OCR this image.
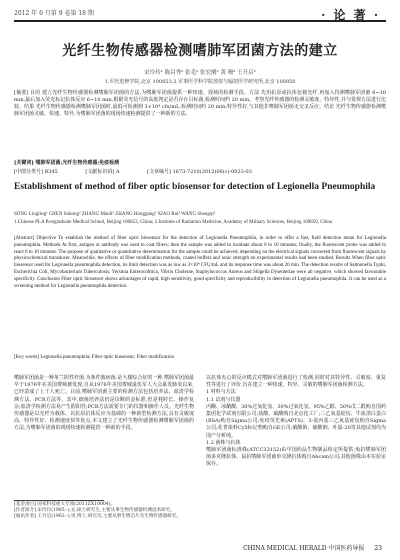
2012 年 6 月第 9 卷第 18 期	· 论 著 ·
光纤生物传感器检测嗜肺军团菌方法的建立
宋玲玲¹ 陈昌秀² 张毛² 张宏刚² 黄 珊² 王升启²
1.军医进修学院,北京 100853;2.军事医学科学院放射与辐射医学研究所,北京 100850
[摘要] 目的 建立光纤生物传感器检测嗜肺军团菌的方法,为嗜肺军团菌提供一种快速、现场的检测手段。方法 先用抗原或抗体包被光纤,再加入待测嗜肺军团菌 6~10 min,最后加入荧光标记抗体反应 6~10 min,根据荧光信号的高低判定是否存在目标菌,检测时间约 20 min。考察光纤传感器的检测灵敏度、特异性,并与常规方法进行比较。结果 光纤生物传感器检测嗜肺军团菌时,最低可检测到 3×10⁴ cfu/mL,检测时间约 20 min;特异性好,与其他非嗜肺军团菌无交叉反应。结论 光纤生物传感器检测嗜肺军团菌灵敏、快速、特异,为嗜肺军团菌的现场快速检测提供了一种新的方法。
[关键词] 嗜肺军团菌;光纤生物传感器;免疫检测
[中图分类号] R345	[文献标识码] A	[文章编号] 1673-7210(2012)06(c)-0023-03
Establishment of method of fiber optic biosensor for detection of Legionella Pneumophila
SONG Lingling¹ CHEN Suhong² ZHANG Maoli² ZHANG Honggang² XIAO Rui² WANG Shengqi²
1.Chinese PLA Postgraduate Medical School, Beijing 100853, China; 2.Institute of Radiation Medicine, Academy of Military Sciences, Beijing 100850, China
[Abstract] Objective To establish the method of fiber optic biosensor for the detection of Legionella Pneumophila, in order to offer a fast, field detection mean for Legionella pneumophila. Methods At first, antigen or antibody was used to coat fibers; then the sample was added to incubate about 6 to 10 minutes; finally, the fluorescent probe was added to react 6 to 10 minutes. The purpose of qualitative or quantitative determination for the sample could be achieved, depending on the electrical signals converted from fluorescent signals by physicochemical transducer. Meanwhile, the effects of fiber modification methods, coated buffers and ionic strength on experimental results had been studied. Results When fiber optic biosensor used for Legionella pneumophila detection, its limit detection was as low as 3×10⁴ CFU/mL and its response time was about 20 min. The detection results of Salmonella Typhi, Escherichia Coli, Mycobacterium Tuberculosis, Yersinia Enterocolitica, Vibrio Cholerae, Staphylococcus Aureus and Shigella Dysenteriae were all negative, which showed favourable specificity. Conclusion Fiber optic biosensor shows advantages of rapid, high sensitivity, good specificity and reproducibility in detection of Legionella pneumophila. It can be used as a screening method for Legionella pneumophila detection.
[Key words] Legionella pneumophila; Fiber optic biosensor; Fiber modification
嗜肺军团菌是一种革兰阴性杆菌,为条件致病菌,是大楼综合征的一种,嗜肺军团菌最早于1976年在美国费城被发现,自从1976年美国费城退伍军人大会暴发肺炎以来,已经造成了上千人死亡。目前,嗜肺军团菌主要的检测方法包括培养法、血清学检测方法、PCR方法等。其中,细菌培养法仍是诊断的金标准,但是耗时长、操作复杂;血清学检测方法易产生假阳性;PCR方法需要专门的仪器和操作人员。光纤生物传感器是以光纤为载体、以抗原抗体反应为基础的一种新型检测方法,具有灵敏度高、特异性好、检测速度快等优点,本文建立了光纤生物传感器检测嗜肺军团菌的方法,为嗜肺军团菌的现场快速检测提供一种新的手段。
[基金项目] 国家科技重大专项(2011ZX10004)。
[作者简介] 宋玲玲(1985.-),女,硕士研究生,主要从事生物传感器检测技术研究。
[通讯作者] 王升启(1962.-),男,博士,研究员,主要从事生物芯片及生物传感器研究。
以抗体夹心的反应模式对嗜肺军团菌进行了检测,同时对其特异性、灵敏度、重复性等进行了评价,旨在建立一种快速、特异、灵敏的嗜肺军团菌检测方法。
1 材料与方法
1.1 试剂与仪器
丙酮、冰醋酸、30%过氧化氢、30%过氧化氢、95%乙醇、50%戊二醛购自国药集团化学试剂有限公司;盐酸、硫酸购自北京化工厂;三乙氧基硅烷、牛血清白蛋白(BSA)购自Sigma公司;免疫荧光素(APTS)、3-氨丙基三乙氧基硅烷购自Sigma公司;花菁染料Cy5标记物购自GE公司;硝酸钠、硫酸钠、吐温-20等其他试剂均为国产分析纯。
1.2 菌株与抗体
嗜肺军团菌标准株(ATCC33152)由中国药品生物制品检定所提供;兔抗嗜肺军团菌多克隆抗体、鼠抗嗜肺军团菌单克隆抗体购自Abcam公司;其他菌株由本实验室保存。
CHINA MEDICAL HERALD 中国医药导报 23
